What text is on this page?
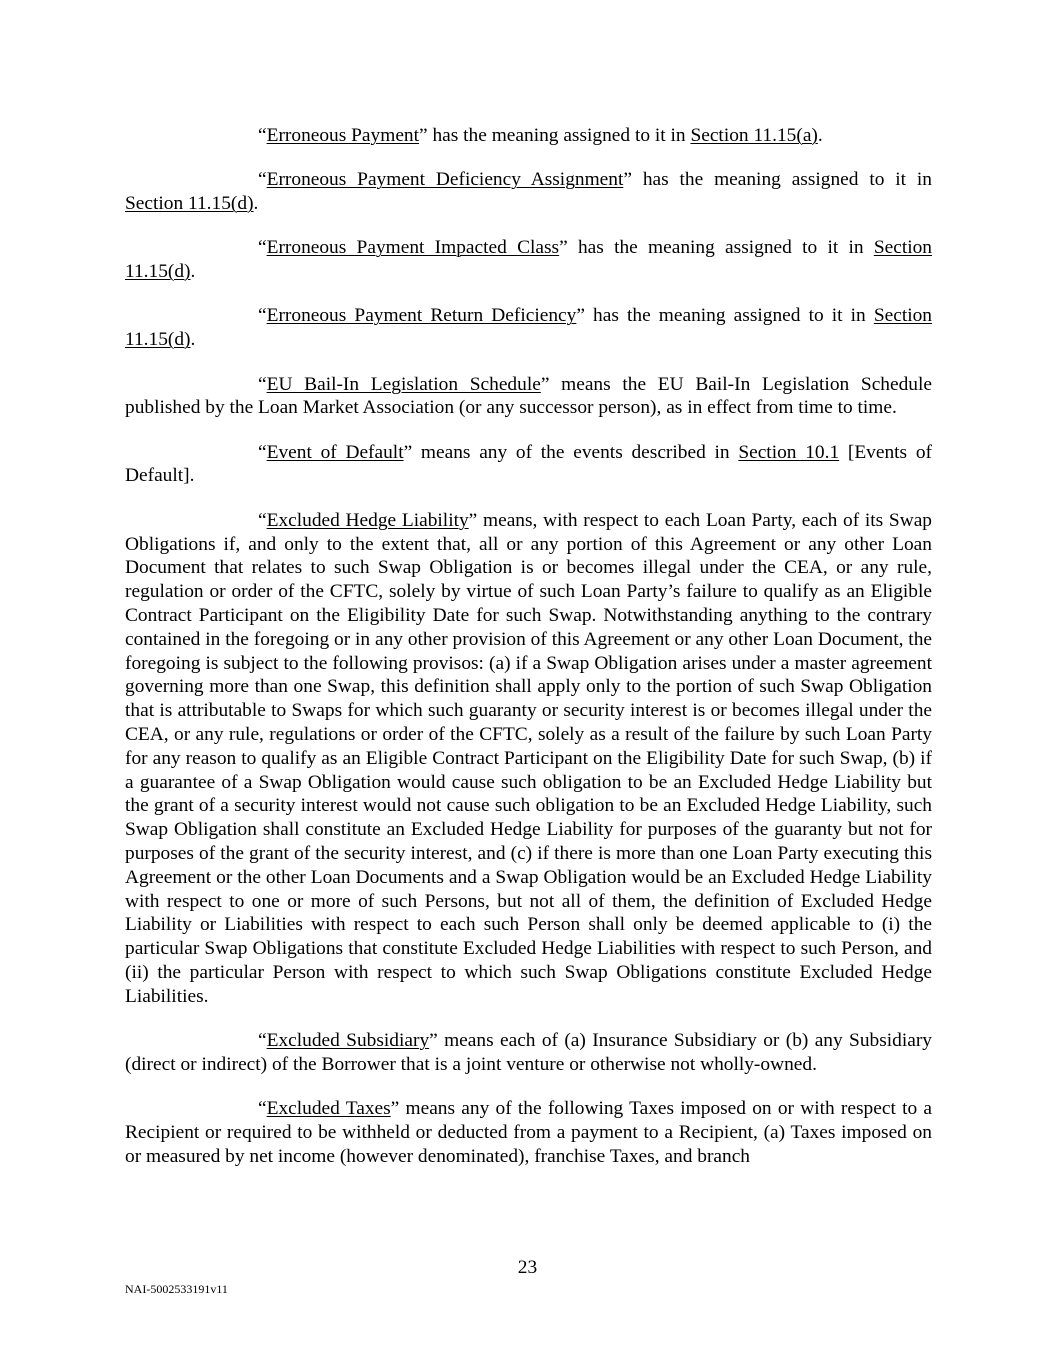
“Erroneous Payment” has the meaning assigned to it in Section 11.15(a).

“Erroneous Payment Deficiency Assignment” has the meaning assigned to it in Section 11.15(d).

“Erroneous Payment Impacted Class” has the meaning assigned to it in Section 11.15(d).

“Erroneous Payment Return Deficiency” has the meaning assigned to it in Section 11.15(d).

“EU Bail-In Legislation Schedule” means the EU Bail-In Legislation Schedule published by the Loan Market Association (or any successor person), as in effect from time to time.

“Event of Default” means any of the events described in Section 10.1 [Events of Default].

“Excluded Hedge Liability” means, with respect to each Loan Party, each of its Swap Obligations if, and only to the extent that, all or any portion of this Agreement or any other Loan Document that relates to such Swap Obligation is or becomes illegal under the CEA, or any rule, regulation or order of the CFTC, solely by virtue of such Loan Party’s failure to qualify as an Eligible Contract Participant on the Eligibility Date for such Swap. Notwithstanding anything to the contrary contained in the foregoing or in any other provision of this Agreement or any other Loan Document, the foregoing is subject to the following provisos: (a) if a Swap Obligation arises under a master agreement governing more than one Swap, this definition shall apply only to the portion of such Swap Obligation that is attributable to Swaps for which such guaranty or security interest is or becomes illegal under the CEA, or any rule, regulations or order of the CFTC, solely as a result of the failure by such Loan Party for any reason to qualify as an Eligible Contract Participant on the Eligibility Date for such Swap, (b) if a guarantee of a Swap Obligation would cause such obligation to be an Excluded Hedge Liability but the grant of a security interest would not cause such obligation to be an Excluded Hedge Liability, such Swap Obligation shall constitute an Excluded Hedge Liability for purposes of the guaranty but not for purposes of the grant of the security interest, and (c) if there is more than one Loan Party executing this Agreement or the other Loan Documents and a Swap Obligation would be an Excluded Hedge Liability with respect to one or more of such Persons, but not all of them, the definition of Excluded Hedge Liability or Liabilities with respect to each such Person shall only be deemed applicable to (i) the particular Swap Obligations that constitute Excluded Hedge Liabilities with respect to such Person, and (ii) the particular Person with respect to which such Swap Obligations constitute Excluded Hedge Liabilities.

“Excluded Subsidiary” means each of (a) Insurance Subsidiary or (b) any Subsidiary (direct or indirect) of the Borrower that is a joint venture or otherwise not wholly-owned.

“Excluded Taxes” means any of the following Taxes imposed on or with respect to a Recipient or required to be withheld or deducted from a payment to a Recipient, (a) Taxes imposed on or measured by net income (however denominated), franchise Taxes, and branch

23
NAI-5002533191v11
